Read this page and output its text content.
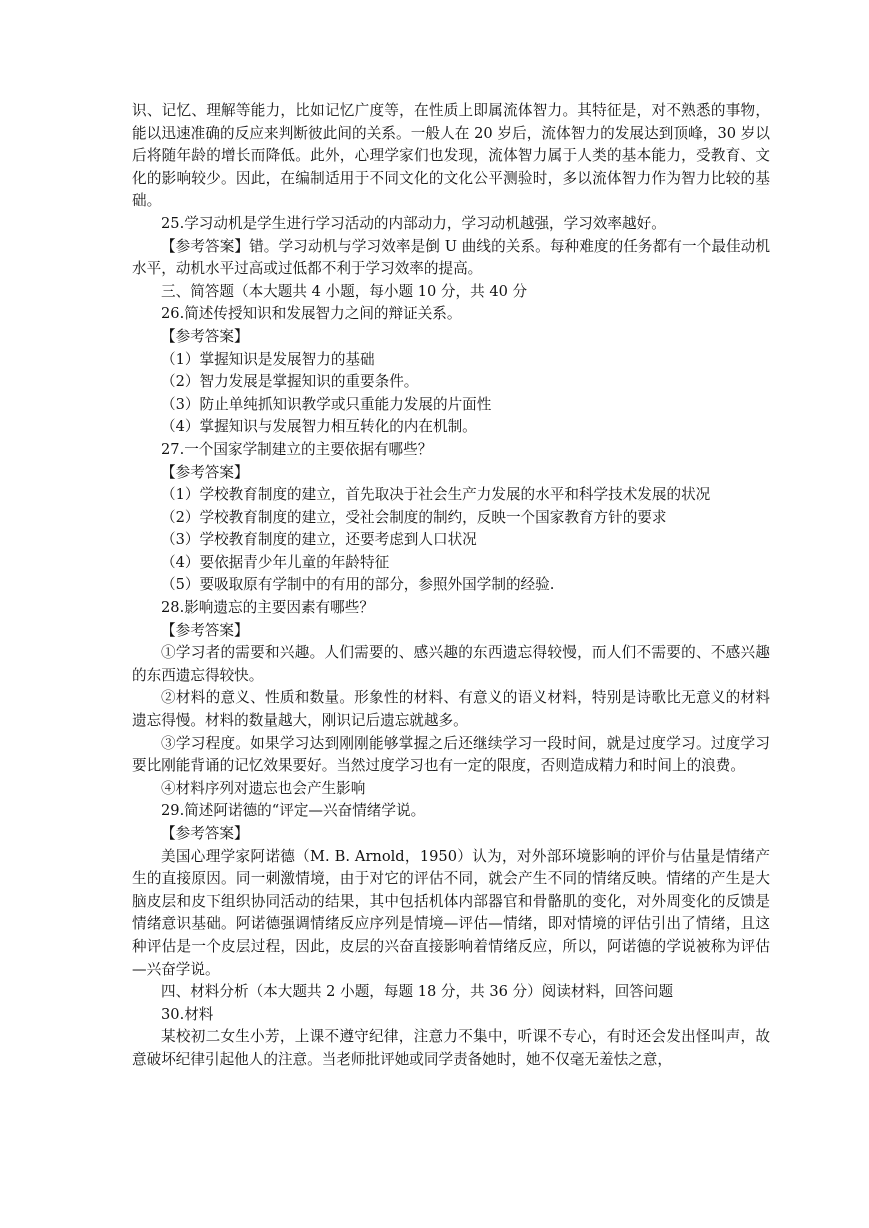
识、记忆、理解等能力，比如记忆广度等，在性质上即属流体智力。其特征是，对不熟悉的事物，能以迅速准确的反应来判断彼此间的关系。一般人在 20 岁后，流体智力的发展达到顶峰，30 岁以后将随年龄的增长而降低。此外，心理学家们也发现，流体智力属于人类的基本能力，受教育、文化的影响较少。因此，在编制适用于不同文化的文化公平测验时，多以流体智力作为智力比较的基础。
25.学习动机是学生进行学习活动的内部动力，学习动机越强，学习效率越好。
【参考答案】错。学习动机与学习效率是倒 U 曲线的关系。每种难度的任务都有一个最佳动机水平，动机水平过高或过低都不利于学习效率的提高。
三、简答题（本大题共 4 小题，每小题 10 分，共 40 分
26.简述传授知识和发展智力之间的辩证关系。
【参考答案】
（1）掌握知识是发展智力的基础
（2）智力发展是掌握知识的重要条件。
（3）防止单纯抓知识教学或只重能力发展的片面性
（4）掌握知识与发展智力相互转化的内在机制。
27.一个国家学制建立的主要依据有哪些？
【参考答案】
（1）学校教育制度的建立，首先取决于社会生产力发展的水平和科学技术发展的状况
（2）学校教育制度的建立，受社会制度的制约，反映一个国家教育方针的要求
（3）学校教育制度的建立，还要考虑到人口状况
（4）要依据青少年儿童的年龄特征
（5）要吸取原有学制中的有用的部分，参照外国学制的经验.
28.影响遗忘的主要因素有哪些？
【参考答案】
①学习者的需要和兴趣。人们需要的、感兴趣的东西遗忘得较慢，而人们不需要的、不感兴趣的东西遗忘得较快。
②材料的意义、性质和数量。形象性的材料、有意义的语义材料，特别是诗歌比无意义的材料遗忘得慢。材料的数量越大，刚识记后遗忘就越多。
③学习程度。如果学习达到刚刚能够掌握之后还继续学习一段时间，就是过度学习。过度学习要比刚能背诵的记忆效果要好。当然过度学习也有一定的限度，否则造成精力和时间上的浪费。
④材料序列对遗忘也会产生影响
29.简述阿诺德的“评定—兴奋情绪学说。
【参考答案】
美国心理学家阿诺德（M. B. Arnold，1950）认为，对外部环境影响的评价与估量是情绪产生的直接原因。同一刺激情境，由于对它的评估不同，就会产生不同的情绪反映。情绪的产生是大脑皮层和皮下组织协同活动的结果，其中包括机体内部器官和骨骼肌的变化，对外周变化的反馈是情绪意识基础。阿诺德强调情绪反应序列是情境—评估—情绪，即对情境的评估引出了情绪，且这种评估是一个皮层过程，因此，皮层的兴奋直接影响着情绪反应，所以，阿诺德的学说被称为评估—兴奋学说。
四、材料分析（本大题共 2 小题，每题 18 分，共 36 分）阅读材料，回答问题
30.材料
某校初二女生小芳，上课不遵守纪律，注意力不集中，听课不专心，有时还会发出怪叫声，故意破坏纪律引起他人的注意。当老师批评她或同学责备她时，她不仅毫无羞怯之意，
